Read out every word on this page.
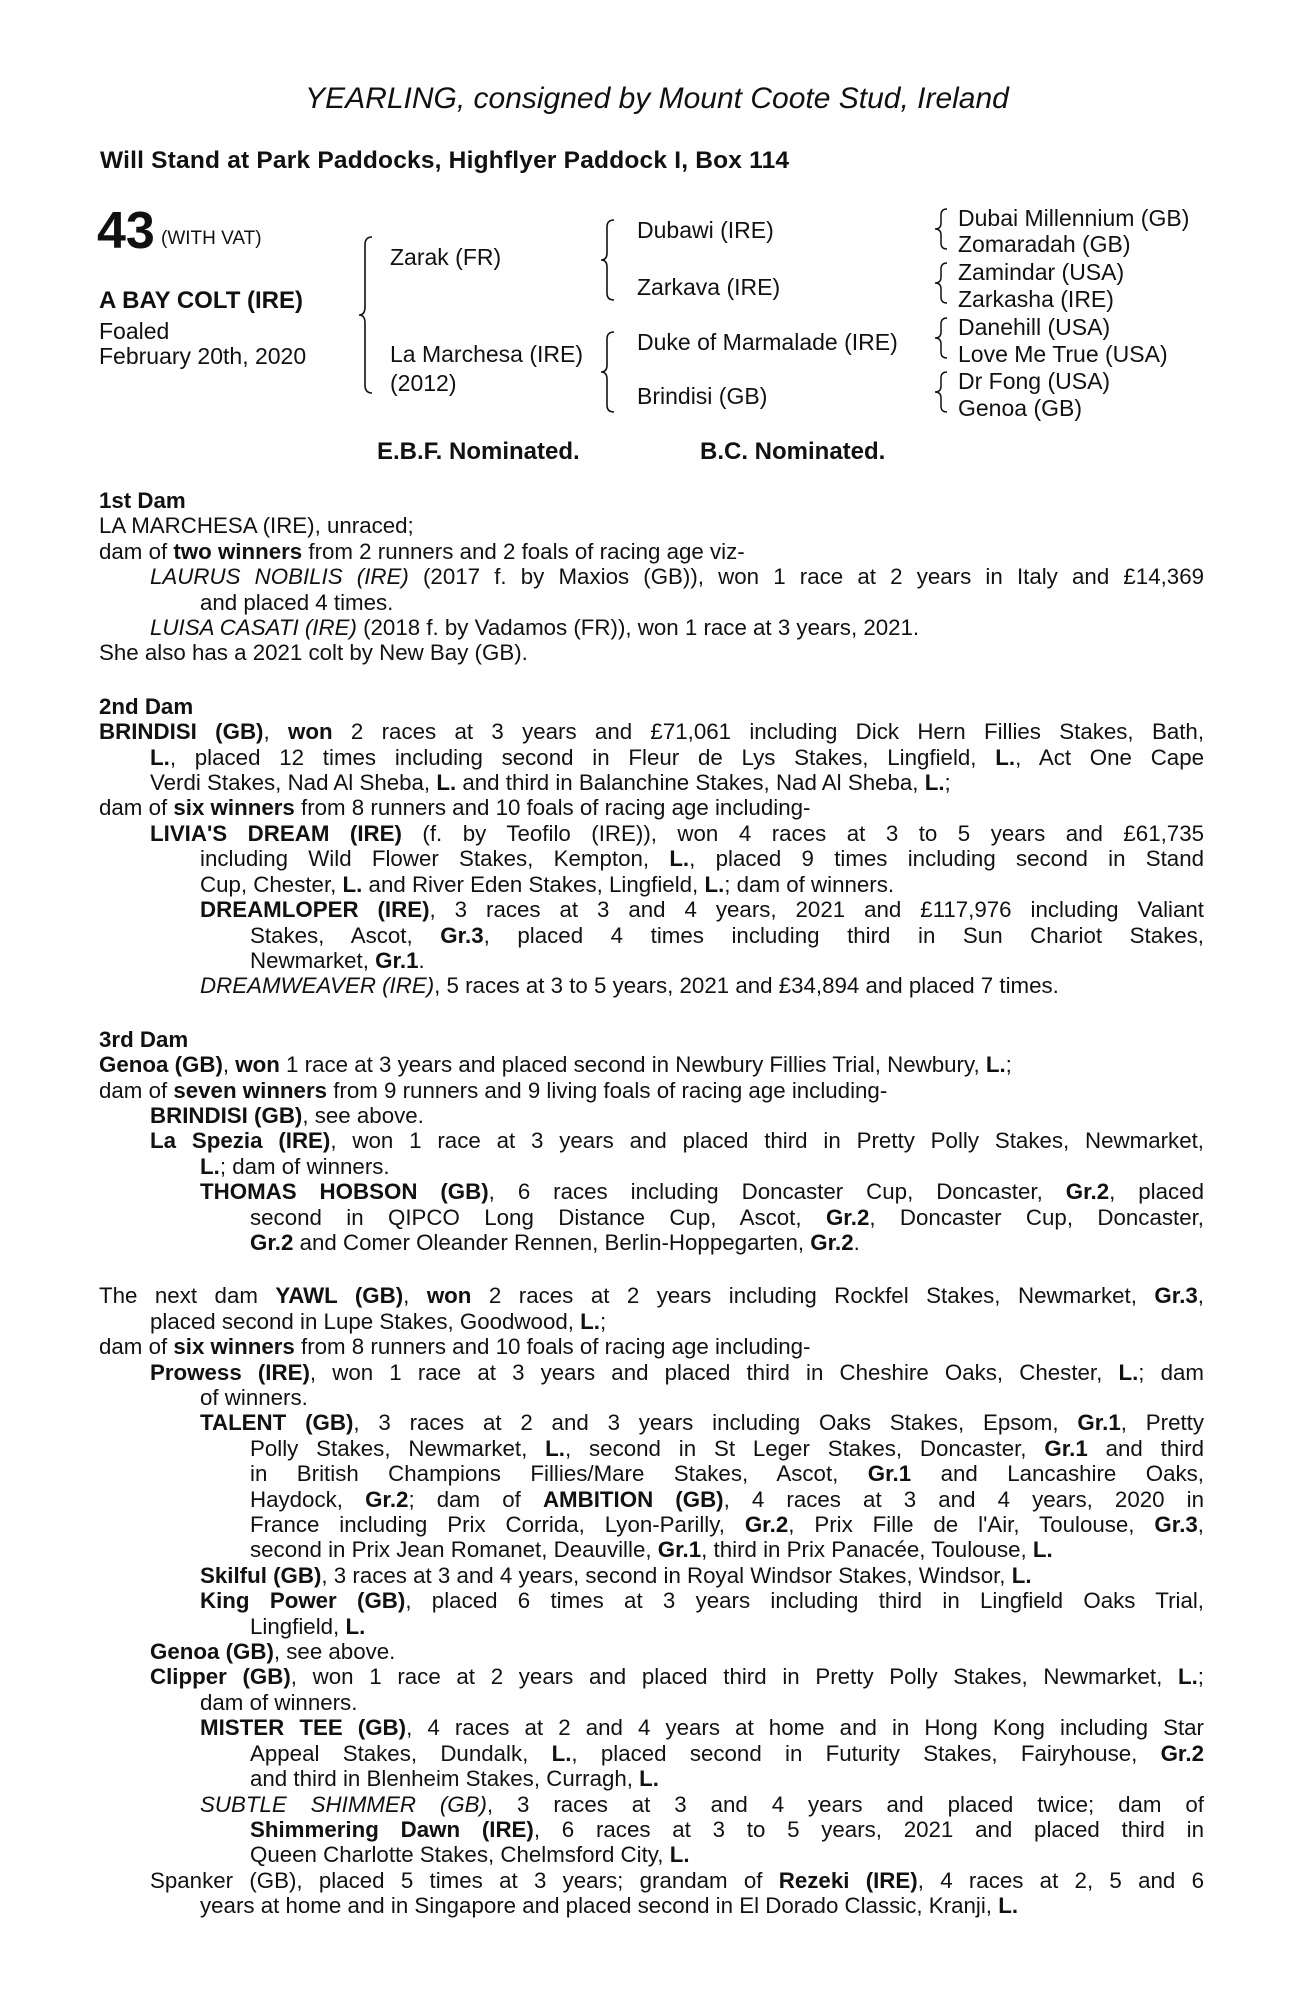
YEARLING, consigned by Mount Coote Stud, Ireland
Will Stand at Park Paddocks, Highflyer Paddock I, Box 114
43 (WITH VAT)
A BAY COLT (IRE)
Foaled
February 20th, 2020
Zarak (FR)
La Marchesa (IRE)
(2012)
Dubawi (IRE)
Zarkava (IRE)
Duke of Marmalade (IRE)
Brindisi (GB)
Dubai Millennium (GB)
Zomaradah (GB)
Zamindar (USA)
Zarkasha (IRE)
Danehill (USA)
Love Me True (USA)
Dr Fong (USA)
Genoa (GB)
E.B.F. Nominated.	B.C. Nominated.
1st Dam
LA MARCHESA (IRE), unraced;
dam of two winners from 2 runners and 2 foals of racing age viz-
LAURUS NOBILIS (IRE) (2017 f. by Maxios (GB)), won 1 race at 2 years in Italy and £14,369
and placed 4 times.
LUISA CASATI (IRE) (2018 f. by Vadamos (FR)), won 1 race at 3 years, 2021.
She also has a 2021 colt by New Bay (GB).
2nd Dam
BRINDISI (GB), won 2 races at 3 years and £71,061 including Dick Hern Fillies Stakes, Bath,
L., placed 12 times including second in Fleur de Lys Stakes, Lingfield, L., Act One Cape
Verdi Stakes, Nad Al Sheba, L. and third in Balanchine Stakes, Nad Al Sheba, L.;
dam of six winners from 8 runners and 10 foals of racing age including-
LIVIA'S DREAM (IRE) (f. by Teofilo (IRE)), won 4 races at 3 to 5 years and £61,735
including Wild Flower Stakes, Kempton, L., placed 9 times including second in Stand
Cup, Chester, L. and River Eden Stakes, Lingfield, L.; dam of winners.
DREAMLOPER (IRE), 3 races at 3 and 4 years, 2021 and £117,976 including Valiant
Stakes, Ascot, Gr.3, placed 4 times including third in Sun Chariot Stakes,
Newmarket, Gr.1.
DREAMWEAVER (IRE), 5 races at 3 to 5 years, 2021 and £34,894 and placed 7 times.
3rd Dam
Genoa (GB), won 1 race at 3 years and placed second in Newbury Fillies Trial, Newbury, L.;
dam of seven winners from 9 runners and 9 living foals of racing age including-
BRINDISI (GB), see above.
La Spezia (IRE), won 1 race at 3 years and placed third in Pretty Polly Stakes, Newmarket,
L.; dam of winners.
THOMAS HOBSON (GB), 6 races including Doncaster Cup, Doncaster, Gr.2, placed
second in QIPCO Long Distance Cup, Ascot, Gr.2, Doncaster Cup, Doncaster,
Gr.2 and Comer Oleander Rennen, Berlin-Hoppegarten, Gr.2.
The next dam YAWL (GB), won 2 races at 2 years including Rockfel Stakes, Newmarket, Gr.3,
placed second in Lupe Stakes, Goodwood, L.;
dam of six winners from 8 runners and 10 foals of racing age including-
Prowess (IRE), won 1 race at 3 years and placed third in Cheshire Oaks, Chester, L.; dam
of winners.
TALENT (GB), 3 races at 2 and 3 years including Oaks Stakes, Epsom, Gr.1, Pretty
Polly Stakes, Newmarket, L., second in St Leger Stakes, Doncaster, Gr.1 and third
in British Champions Fillies/Mare Stakes, Ascot, Gr.1 and Lancashire Oaks,
Haydock, Gr.2; dam of AMBITION (GB), 4 races at 3 and 4 years, 2020 in
France including Prix Corrida, Lyon-Parilly, Gr.2, Prix Fille de l'Air, Toulouse, Gr.3,
second in Prix Jean Romanet, Deauville, Gr.1, third in Prix Panacée, Toulouse, L.
Skilful (GB), 3 races at 3 and 4 years, second in Royal Windsor Stakes, Windsor, L.
King Power (GB), placed 6 times at 3 years including third in Lingfield Oaks Trial,
Lingfield, L.
Genoa (GB), see above.
Clipper (GB), won 1 race at 2 years and placed third in Pretty Polly Stakes, Newmarket, L.;
dam of winners.
MISTER TEE (GB), 4 races at 2 and 4 years at home and in Hong Kong including Star
Appeal Stakes, Dundalk, L., placed second in Futurity Stakes, Fairyhouse, Gr.2
and third in Blenheim Stakes, Curragh, L.
SUBTLE SHIMMER (GB), 3 races at 3 and 4 years and placed twice; dam of
Shimmering Dawn (IRE), 6 races at 3 to 5 years, 2021 and placed third in
Queen Charlotte Stakes, Chelmsford City, L.
Spanker (GB), placed 5 times at 3 years; grandam of Rezeki (IRE), 4 races at 2, 5 and 6
years at home and in Singapore and placed second in El Dorado Classic, Kranji, L.
